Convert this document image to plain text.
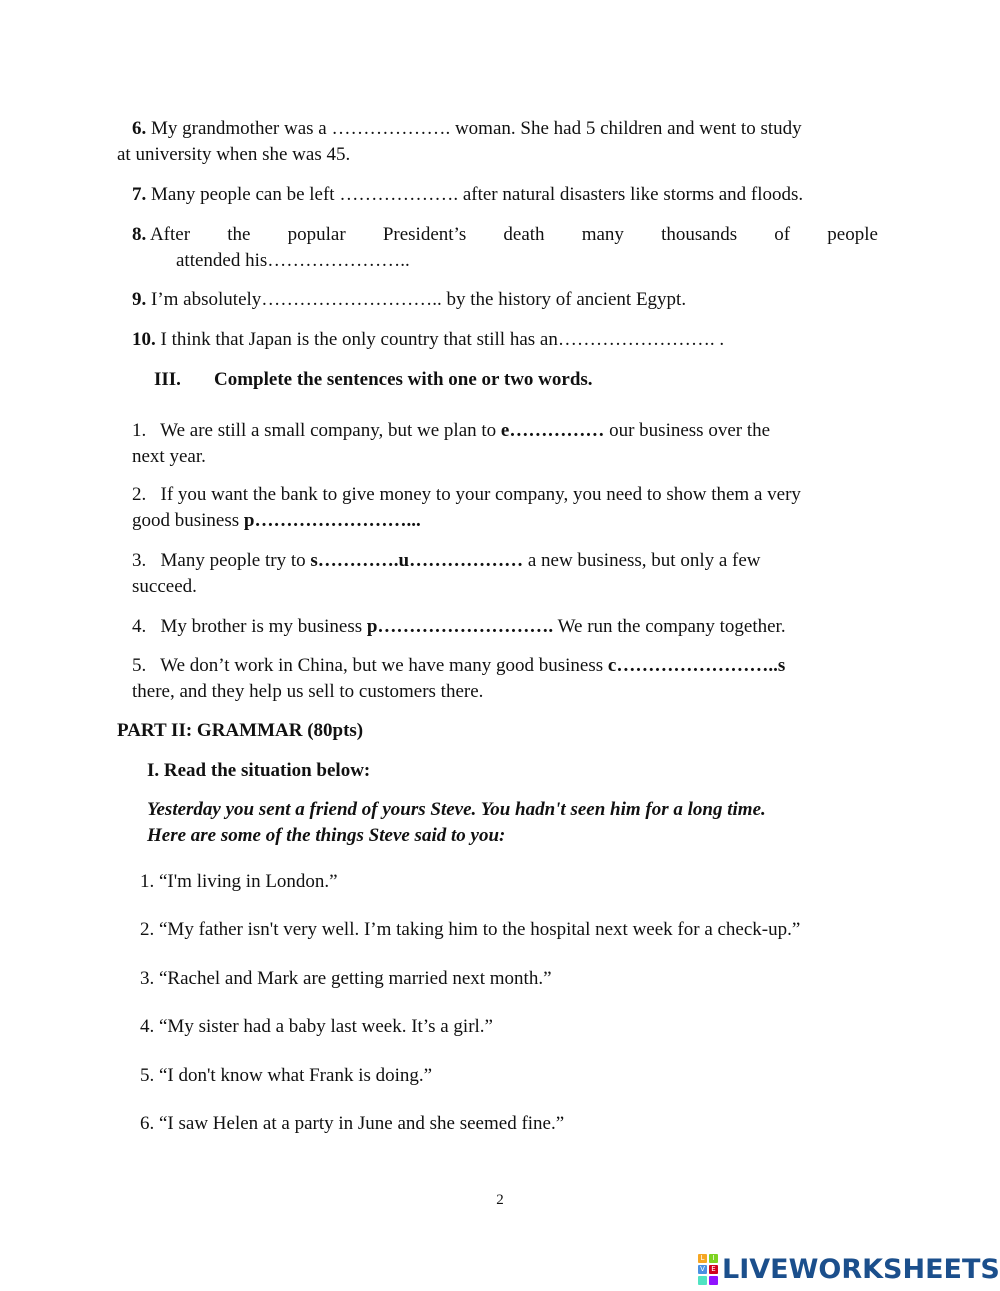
6. My grandmother was a ………………. woman. She had 5 children and went to study
at university when she was 45.
7. Many people can be left ………………. after natural disasters like storms and floods.
8. After the popular President’s death many thousands of people
attended his…………………..
9. I’m absolutely……………………….. by the history of ancient Egypt.
10. I think that Japan is the only country that still has an……………………. .
III. Complete the sentences with one or two words.
1. We are still a small company, but we plan to e…………… our business over the
next year.
2. If you want the bank to give money to your company, you need to show them a very
good business p……………………...
3. Many people try to s………….u……………… a new business, but only a few
succeed.
4. My brother is my business p………………………. We run the company together.
5. We don’t work in China, but we have many good business c……………………..s
there, and they help us sell to customers there.
PART II: GRAMMAR (80pts)
I. Read the situation below:
Yesterday you sent a friend of yours Steve. You hadn't seen him for a long time.
Here are some of the things Steve said to you:
1. “I'm living in London.”
2. “My father isn't very well. I’m taking him to the hospital next week for a check-up.”
3. “Rachel and Mark are getting married next month.”
4. “My sister had a baby last week. It’s a girl.”
5. “I don't know what Frank is doing.”
6. “I saw Helen at a party in June and she seemed fine.”
2
L	I
V E LIVEWORKSHEETS
